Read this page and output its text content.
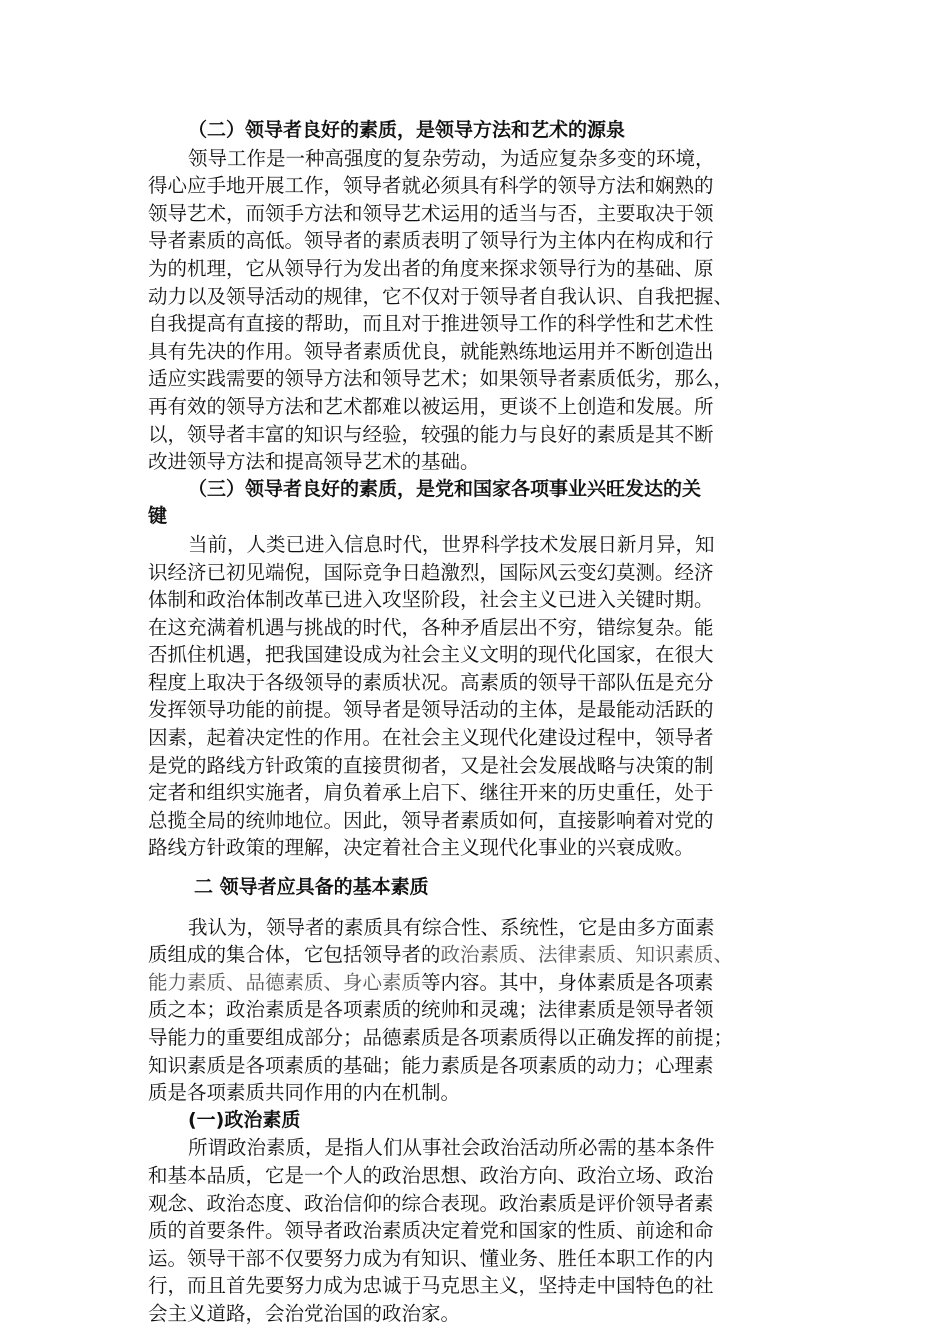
（二）领导者良好的素质，是领导方法和艺术的源泉
领导工作是一种高强度的复杂劳动，为适应复杂多变的环境，
得心应手地开展工作，领导者就必须具有科学的领导方法和娴熟的
领导艺术，而领手方法和领导艺术运用的适当与否，主要取决于领
导者素质的高低。领导者的素质表明了领导行为主体内在构成和行
为的机理，它从领导行为发出者的角度来探求领导行为的基础、原
动力以及领导活动的规律，它不仅对于领导者自我认识、自我把握、
自我提高有直接的帮助，而且对于推进领导工作的科学性和艺术性
具有先决的作用。领导者素质优良，就能熟练地运用并不断创造出
适应实践需要的领导方法和领导艺术；如果领导者素质低劣，那么，
再有效的领导方法和艺术都难以被运用，更谈不上创造和发展。所
以，领导者丰富的知识与经验，较强的能力与良好的素质是其不断
改进领导方法和提高领导艺术的基础。
（三）领导者良好的素质，是党和国家各项事业兴旺发达的关
键
当前，人类已进入信息时代，世界科学技术发展日新月异，知
识经济已初见端倪，国际竞争日趋激烈，国际风云变幻莫测。经济
体制和政治体制改革已进入攻坚阶段，社会主义已进入关键时期。
在这充满着机遇与挑战的时代，各种矛盾层出不穷，错综复杂。能
否抓住机遇，把我国建设成为社会主义文明的现代化国家，在很大
程度上取决于各级领导的素质状况。高素质的领导干部队伍是充分
发挥领导功能的前提。领导者是领导活动的主体，是最能动活跃的
因素，起着决定性的作用。在社会主义现代化建设过程中，领导者
是党的路线方针政策的直接贯彻者，又是社会发展战略与决策的制
定者和组织实施者，肩负着承上启下、继往开来的历史重任，处于
总揽全局的统帅地位。因此，领导者素质如何，直接影响着对党的
路线方针政策的理解，决定着社合主义现代化事业的兴衰成败。
二 领导者应具备的基本素质
我认为，领导者的素质具有综合性、系统性，它是由多方面素
质组成的集合体，它包括领导者的政治素质、法律素质、知识素质、
能力素质、品德素质、身心素质等内容。其中，身体素质是各项素
质之本；政治素质是各项素质的统帅和灵魂；法律素质是领导者领
导能力的重要组成部分；品德素质是各项素质得以正确发挥的前提；
知识素质是各项素质的基础；能力素质是各项素质的动力；心理素
质是各项素质共同作用的内在机制。
(一)政治素质
所谓政治素质，是指人们从事社会政治活动所必需的基本条件
和基本品质，它是一个人的政治思想、政治方向、政治立场、政治
观念、政治态度、政治信仰的综合表现。政治素质是评价领导者素
质的首要条件。领导者政治素质决定着党和国家的性质、前途和命
运。领导干部不仅要努力成为有知识、懂业务、胜任本职工作的内
行，而且首先要努力成为忠诚于马克思主义，坚持走中国特色的社
会主义道路，会治党治国的政治家。
